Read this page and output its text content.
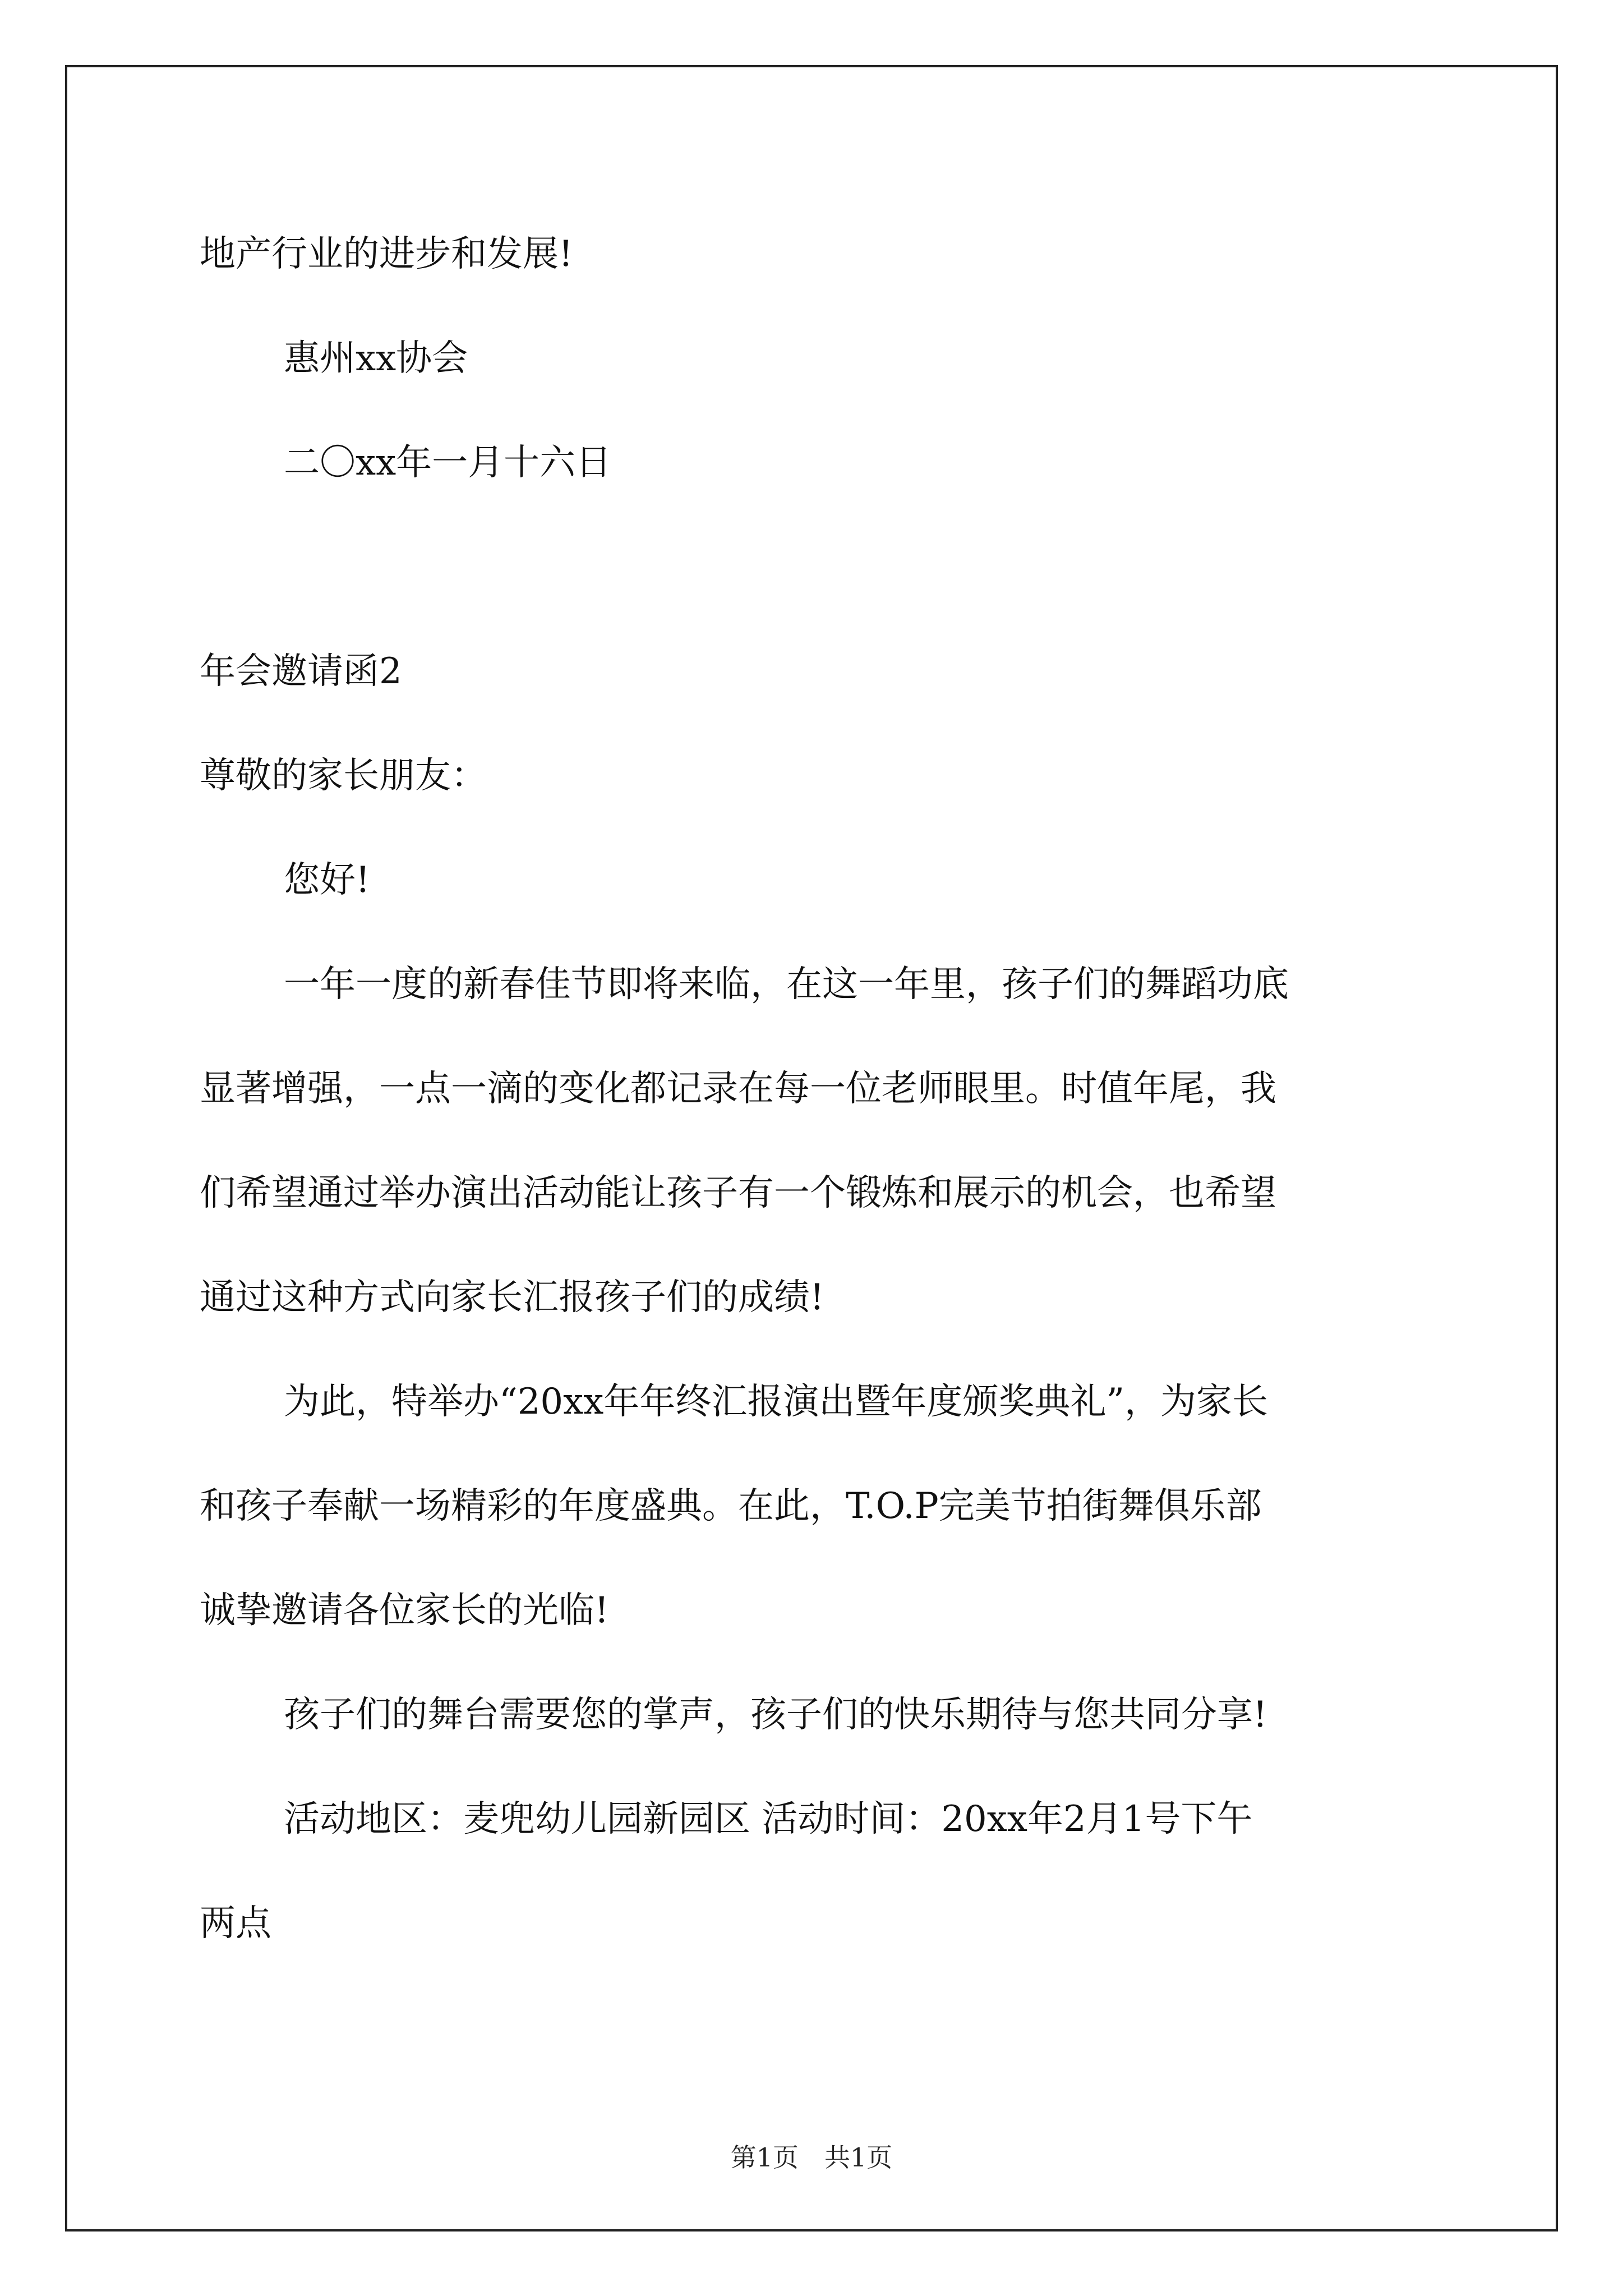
地产行业的进步和发展!

惠州xx协会

二〇xx年一月十六日

年会邀请函2

尊敬的家长朋友：

您好!

一年一度的新春佳节即将来临，在这一年里，孩子们的舞蹈功底

显著增强，一点一滴的变化都记录在每一位老师眼里。时值年尾，我

们希望通过举办演出活动能让孩子有一个锻炼和展示的机会，也希望

通过这种方式向家长汇报孩子们的成绩!

为此，特举办“20xx年年终汇报演出暨年度颁奖典礼”，为家长

和孩子奉献一场精彩的年度盛典。在此，T.O.P完美节拍街舞俱乐部

诚挚邀请各位家长的光临!

孩子们的舞台需要您的掌声，孩子们的快乐期待与您共同分享!

活动地区：麦兜幼儿园新园区 活动时间：20xx年2月1号下午

两点

第1页　共1页
